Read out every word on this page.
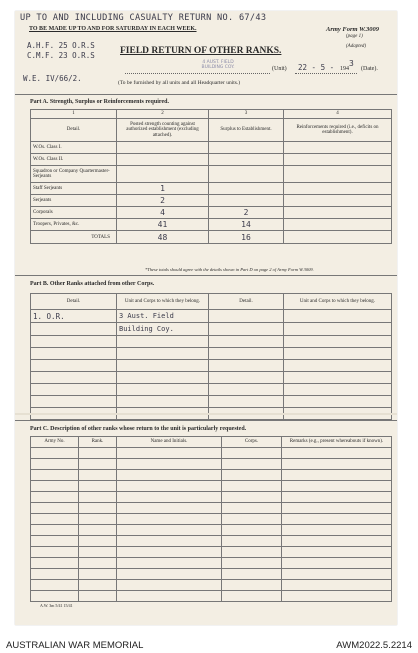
UP TO AND INCLUDING CASUALTY RETURN NO. 67/43
TO BE MADE UP TO AND FOR SATURDAY IN EACH WEEK.	Army Form W.3009
(page 1)
(Adapted)
A.H.F. 25 O.R.S
C.M.F. 23 O.R.S
W.E. IV/66/2.
FIELD RETURN OF OTHER RANKS.
4 AUST. FIELD
BUILDING COY.	(Unit) 22 - 5 - 194
3
(Date).
(To be furnished by all units and all Headquarter units.)
Part A. Strength, Surplus or Reinforcements required.
1	2	3	4
Detail.	Posted strength counting against authorized establishment (excluding attached).	Surplus to Establishment.	Reinforcements required (i.e., deficits on establishment).
W.Os. Class I.			
W.Os. Class II.			
Squadron or Company Quartermaster-Serjeants			
Staff Serjeants	1		
Serjeants	2		
Corporals	4	2	
Troopers, Privates, &c.	41	14	
TOTALS	48	16	
*These totals should agree with the details shown in Part D on page 2 of Army Form W.3009.
Part B. Other Ranks attached from other Corps.
Detail.	Unit and Corps to which they belong.	Detail.	Unit and Corps to which they belong.
1. O.R.	3 Aust. Field		
	Building Coy.		

Part C. Description of other ranks whose return to the unit is particularly requested.
Army No.	Rank.	Name and Initials.	Corps.	Remarks (e.g., present whereabouts if known).

A.W. 3m 5/41 15/41
AUSTRALIAN WAR MEMORIAL	AWM2022.5.2214
